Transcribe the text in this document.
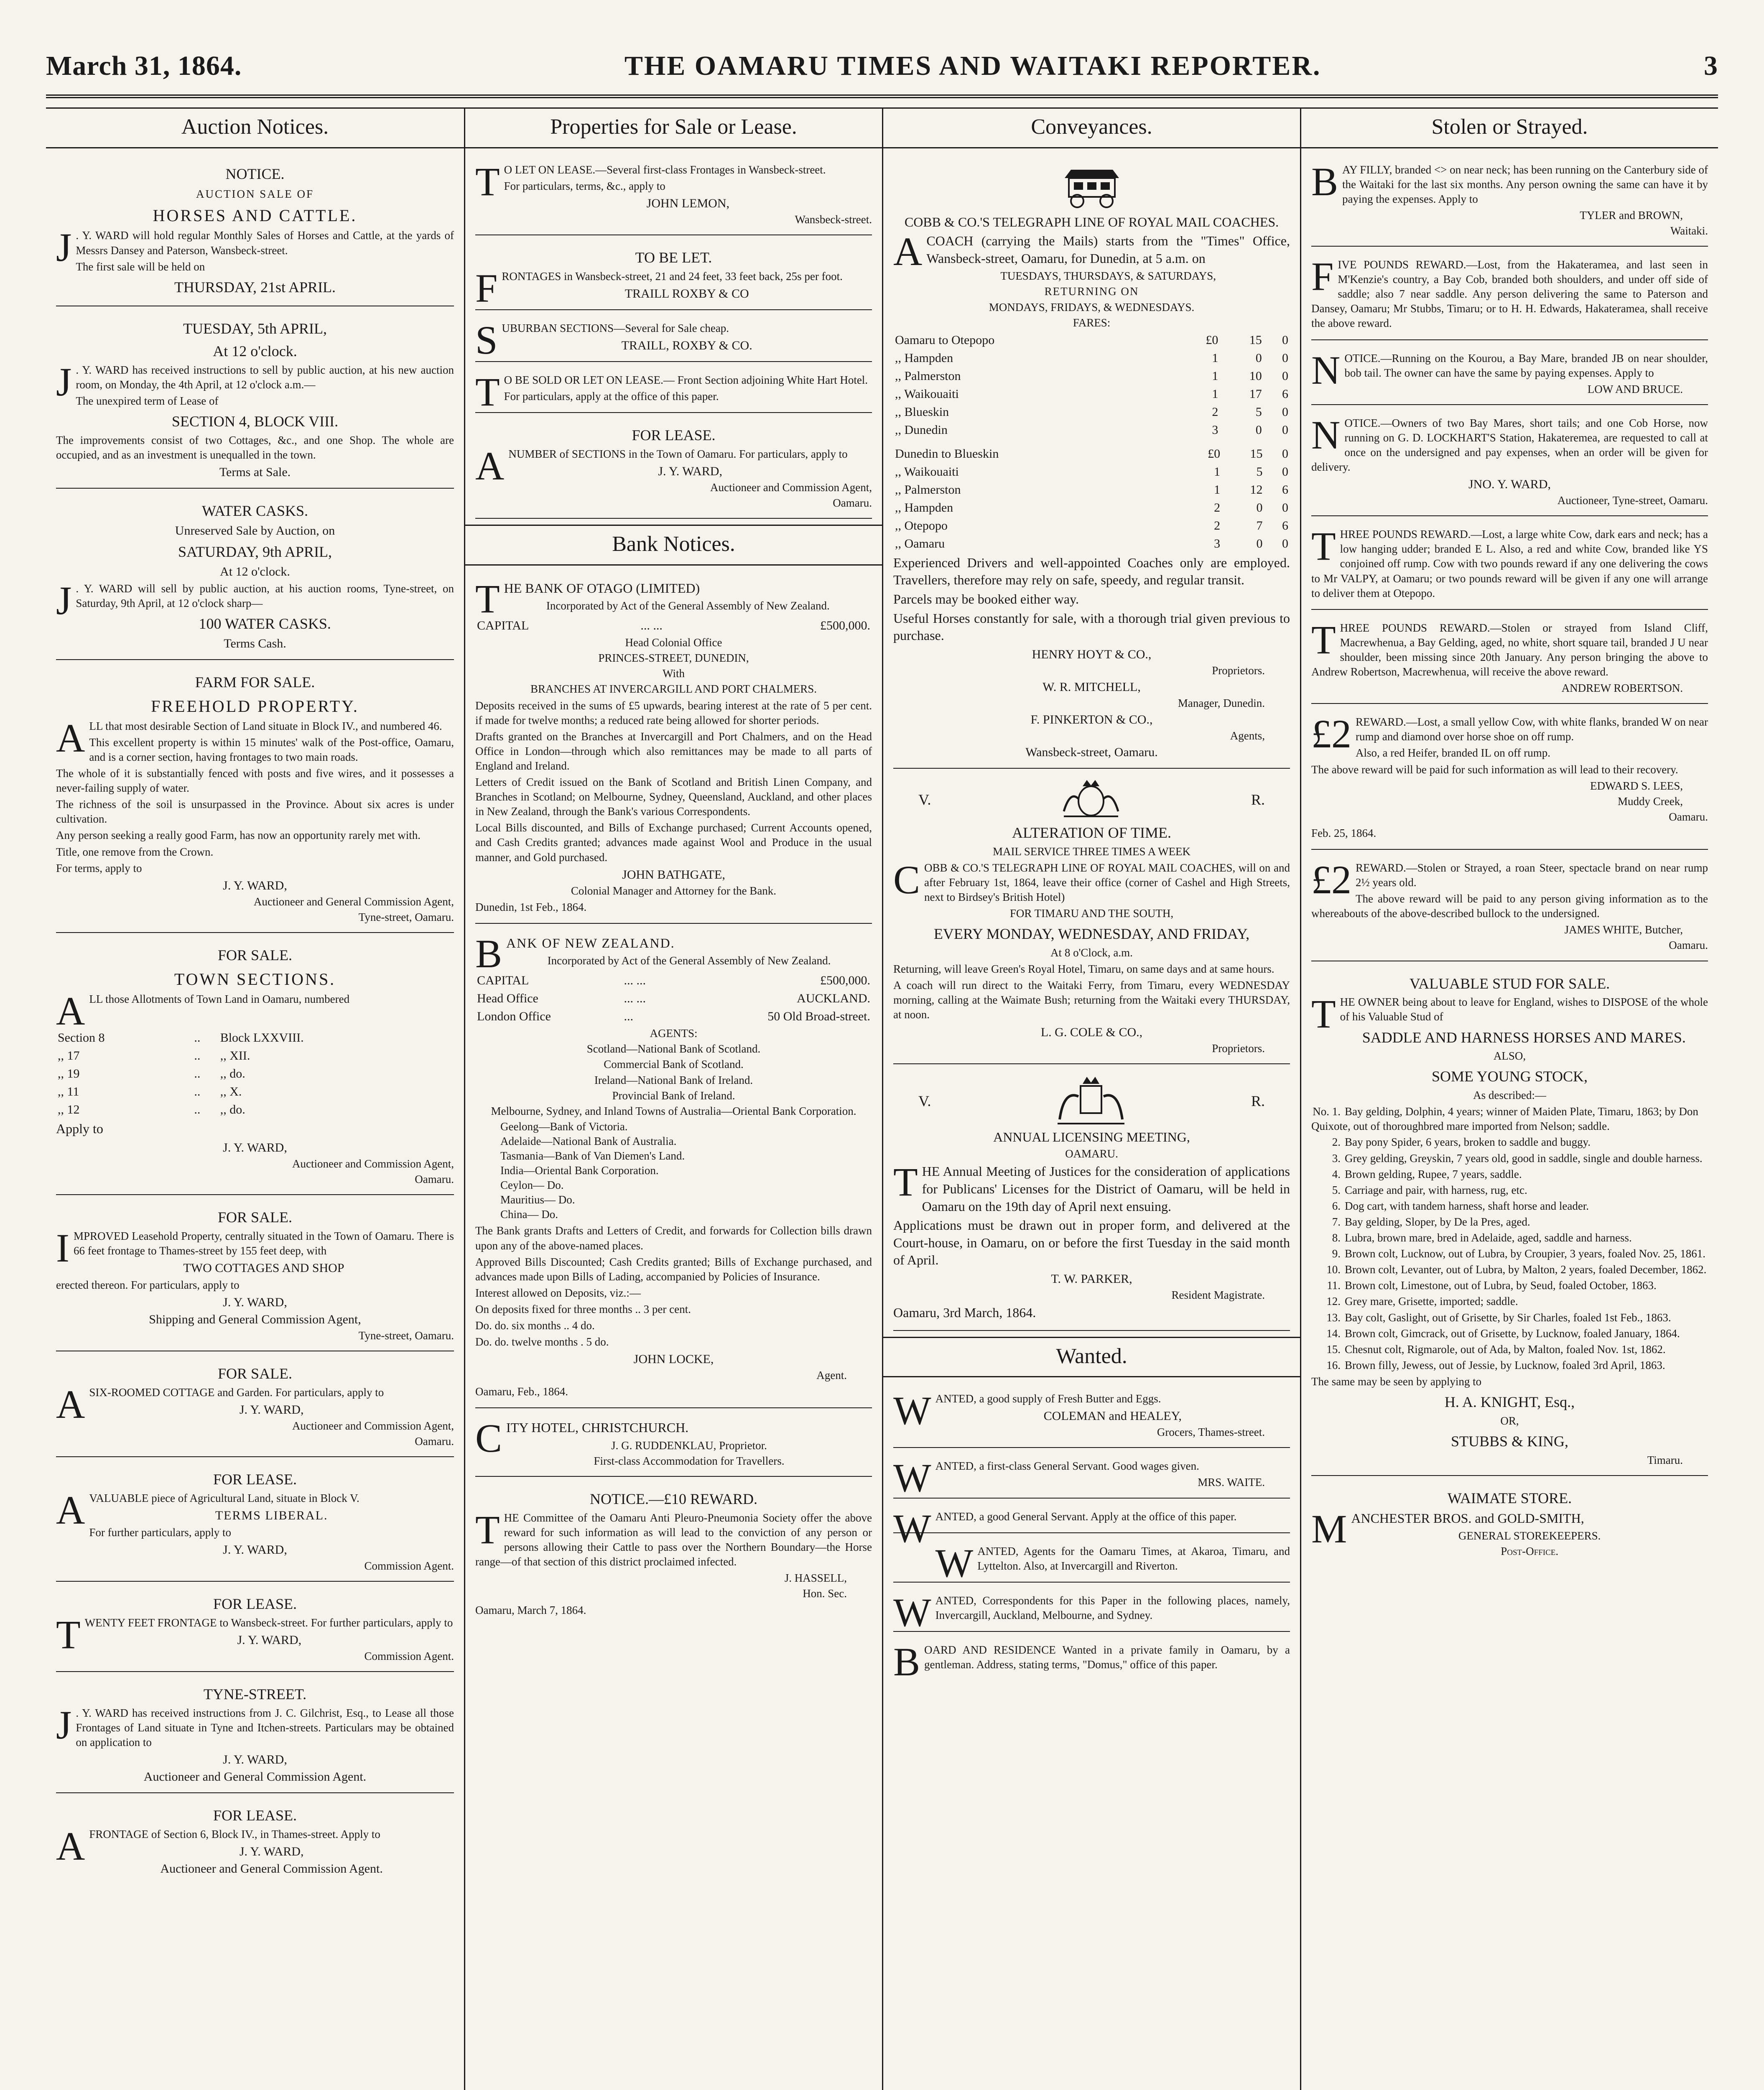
March 31, 1864.	THE OAMARU TIMES AND WAITAKI REPORTER.	3
Auction Notices.
NOTICE.
AUCTION SALE OF
HORSES AND CATTLE.

J . Y. WARD will hold regular Monthly Sales of Horses and Cattle, at the yards of Messrs Dansey and Paterson, Wansbeck-street.

The first sale will be held on
THURSDAY, 21st APRIL.
TUESDAY, 5th APRIL,
At 12 o'clock.

J . Y. WARD has received instructions to sell by public auction, at his new auction room, on Monday, the 4th April, at 12 o'clock a.m.—

The unexpired term of Lease of
SECTION 4, BLOCK VIII.

The improvements consist of two Cottages, &c., and one Shop. The whole are occupied, and as an investment is unequalled in the town.

Terms at Sale.
WATER CASKS.
Unreserved Sale by Auction, on
SATURDAY, 9th APRIL,
At 12 o'clock.

J . Y. WARD will sell by public auction, at his auction rooms, Tyne-street, on Saturday, 9th April, at 12 o'clock sharp—

100 WATER CASKS.
Terms Cash.
FARM FOR SALE.
FREEHOLD PROPERTY.

ALL that most desirable Section of Land situate in Block IV., and numbered 46.

This excellent property is within 15 minutes' walk of the Post-office, Oamaru, and is a corner section, having frontages to two main roads.

The whole of it is substantially fenced with posts and five wires, and it possesses a never-failing supply of water.

The richness of the soil is unsurpassed in the Province. About six acres is under cultivation.

Any person seeking a really good Farm, has now an opportunity rarely met with.

Title, one remove from the Crown.

For terms, apply to

J. Y. WARD,
Auctioneer and General Commission Agent,
Tyne-street, Oamaru.
FOR SALE.
TOWN SECTIONS.

ALL those Allotments of Town Land in Oamaru, numbered

Section 8	..	Block LXXVIII.
,, 17	..	,, XII.
,, 19	..	,, do.
,, 11	..	,, X.
,, 12	..	,, do.
Apply to
J. Y. WARD,
Auctioneer and Commission Agent,
Oamaru.
FOR SALE.

IMPROVED Leasehold Property, centrally situated in the Town of Oamaru. There is 66 feet frontage to Thames-street by 155 feet deep, with

TWO COTTAGES AND SHOP
erected thereon. For particulars, apply to
J. Y. WARD,
Shipping and General Commission Agent,
Tyne-street, Oamaru.
FOR SALE.

ASIX-ROOMED COTTAGE and Garden. For particulars, apply to

J. Y. WARD,
Auctioneer and Commission Agent,
Oamaru.
FOR LEASE.

AVALUABLE piece of Agricultural Land, situate in Block V.

TERMS LIBERAL.
For further particulars, apply to
J. Y. WARD,
Commission Agent.
FOR LEASE.

TWENTY FEET FRONTAGE to Wansbeck-street. For further particulars, apply to

J. Y. WARD,
Commission Agent.
TYNE-STREET.

J . Y. WARD has received instructions from J. C. Gilchrist, Esq., to Lease all those Frontages of Land situate in Tyne and Itchen-streets. Particulars may be obtained on application to

J. Y. WARD,
Auctioneer and General Commission Agent.
FOR LEASE.

AFRONTAGE of Section 6, Block IV., in Thames-street. Apply to

J. Y. WARD,
Auctioneer and General Commission Agent.
Properties for Sale or Lease.

T O LET ON LEASE.—Several first-class Frontages in Wansbeck-street.

For particulars, terms, &c., apply to
JOHN LEMON,
Wansbeck-street.
TO BE LET.

FRONTAGES in Wansbeck-street, 21 and 24 feet, 33 feet back, 25s per foot.

TRAILL ROXBY & CO

SUBURBAN SECTIONS—Several for Sale cheap.

TRAILL, ROXBY & CO.

T O BE SOLD OR LET ON LEASE.— Front Section adjoining White Hart Hotel.

For particulars, apply at the office of this paper.
FOR LEASE.

ANUMBER of SECTIONS in the Town of Oamaru. For particulars, apply to

J. Y. WARD,
Auctioneer and Commission Agent,
Oamaru.
Bank Notices.

THE BANK OF OTAGO (LIMITED)

Incorporated by Act of the General Assembly of New Zealand.
CAPITAL	... ...	£500,000.
Head Colonial Office
PRINCES-STREET, DUNEDIN,
With
BRANCHES AT INVERCARGILL AND PORT CHALMERS.

Deposits received in the sums of £5 upwards, bearing interest at the rate of 5 per cent. if made for twelve months; a reduced rate being allowed for shorter periods.

Drafts granted on the Branches at Invercargill and Port Chalmers, and on the Head Office in London—through which also remittances may be made to all parts of England and Ireland.

Letters of Credit issued on the Bank of Scotland and British Linen Company, and Branches in Scotland; on Melbourne, Sydney, Queensland, Auckland, and other places in New Zealand, through the Bank's various Correspondents.

Local Bills discounted, and Bills of Exchange purchased; Current Accounts opened, and Cash Credits granted; advances made against Wool and Produce in the usual manner, and Gold purchased.

JOHN BATHGATE,
Colonial Manager and Attorney for the Bank.
Dunedin, 1st Feb., 1864.

BANK OF NEW ZEALAND.

Incorporated by Act of the General Assembly of New Zealand.
CAPITAL	... ...	£500,000.
Head Office	... ...	AUCKLAND.
London Office	...	50 Old Broad-street.
AGENTS:
Scotland—National Bank of Scotland.
Commercial Bank of Scotland.
Ireland—National Bank of Ireland.
Provincial Bank of Ireland.
Melbourne, Sydney, and Inland Towns of Australia—Oriental Bank Corporation.
Geelong—Bank of Victoria.
Adelaide—National Bank of Australia.
Tasmania—Bank of Van Diemen's Land.
India—Oriental Bank Corporation.
Ceylon— Do.
Mauritius— Do.
China— Do.

The Bank grants Drafts and Letters of Credit, and forwards for Collection bills drawn upon any of the above-named places.

Approved Bills Discounted; Cash Credits granted; Bills of Exchange purchased, and advances made upon Bills of Lading, accompanied by Policies of Insurance.

Interest allowed on Deposits, viz.:—

On deposits fixed for three months .. 3 per cent.
Do. do. six months .. 4 do.
Do. do. twelve months . 5 do.
JOHN LOCKE,
Agent.
Oamaru, Feb., 1864.

CITY HOTEL, CHRISTCHURCH.

J. G. RUDDENKLAU, Proprietor.
First-class Accommodation for Travellers.
NOTICE.—£10 REWARD.

THE Committee of the Oamaru Anti Pleuro-Pneumonia Society offer the above reward for such information as will lead to the conviction of any person or persons allowing their Cattle to pass over the Northern Boundary—the Horse range—of that section of this district proclaimed infected.

J. HASSELL,
Hon. Sec.
Oamaru, March 7, 1864.
Conveyances.
COBB & CO.'S TELEGRAPH LINE OF ROYAL MAIL COACHES.

ACOACH (carrying the Mails) starts from the "Times" Office, Wansbeck-street, Oamaru, for Dunedin, at 5 a.m. on

TUESDAYS, THURSDAYS, & SATURDAYS,
RETURNING ON
MONDAYS, FRIDAYS, & WEDNESDAYS.
FARES:
Oamaru to Otepopo	£0	15	0
,, Hampden	1	0	0
,, Palmerston	1	10	0
,, Waikouaiti	1	17	6
,, Blueskin	2	5	0
,, Dunedin	3	0	0
Dunedin to Blueskin	£0	15	0
,, Waikouaiti	1	5	0
,, Palmerston	1	12	6
,, Hampden	2	0	0
,, Otepopo	2	7	6
,, Oamaru	3	0	0

Experienced Drivers and well-appointed Coaches only are employed. Travellers, therefore may rely on safe, speedy, and regular transit.

Parcels may be booked either way.

Useful Horses constantly for sale, with a thorough trial given previous to purchase.

HENRY HOYT & CO.,
Proprietors.
W. R. MITCHELL,
Manager, Dunedin.
F. PINKERTON & CO.,
Agents,
Wansbeck-street, Oamaru.
V.	R.
ALTERATION OF TIME.
MAIL SERVICE THREE TIMES A WEEK

COBB & CO.'S TELEGRAPH LINE OF ROYAL MAIL COACHES, will on and after February 1st, 1864, leave their office (corner of Cashel and High Streets, next to Birdsey's British Hotel)

FOR TIMARU AND THE SOUTH,
EVERY MONDAY, WEDNESDAY, AND FRIDAY,
At 8 o'Clock, a.m.

Returning, will leave Green's Royal Hotel, Timaru, on same days and at same hours.

A coach will run direct to the Waitaki Ferry, from Timaru, every WEDNESDAY morning, calling at the Waimate Bush; returning from the Waitaki every THURSDAY, at noon.

L. G. COLE & CO.,
Proprietors.
V.	R.
ANNUAL LICENSING MEETING,
OAMARU.

THE Annual Meeting of Justices for the consideration of applications for Publicans' Licenses for the District of Oamaru, will be held in Oamaru on the 19th day of April next ensuing.

Applications must be drawn out in proper form, and delivered at the Court-house, in Oamaru, on or before the first Tuesday in the said month of April.

T. W. PARKER,
Resident Magistrate.
Oamaru, 3rd March, 1864.
Wanted.

WANTED, a good supply of Fresh Butter and Eggs.

COLEMAN and HEALEY,
Grocers, Thames-street.

WANTED, a first-class General Servant. Good wages given.

MRS. WAITE.

WANTED, a good General Servant. Apply at the office of this paper.

WANTED, Agents for the Oamaru Times, at Akaroa, Timaru, and Lyttelton. Also, at Invercargill and Riverton.

WANTED, Correspondents for this Paper in the following places, namely, Invercargill, Auckland, Melbourne, and Sydney.

BOARD AND RESIDENCE Wanted in a private family in Oamaru, by a gentleman. Address, stating terms, "Domus," office of this paper.

Stolen or Strayed.

BAY FILLY, branded <> on near neck; has been running on the Canterbury side of the Waitaki for the last six months. Any person owning the same can have it by paying the expenses. Apply to

TYLER and BROWN,
Waitaki.

FIVE POUNDS REWARD.—Lost, from the Hakateramea, and last seen in M'Kenzie's country, a Bay Cob, branded both shoulders, and under off side of saddle; also 7 near saddle. Any person delivering the same to Paterson and Dansey, Oamaru; Mr Stubbs, Timaru; or to H. H. Edwards, Hakateramea, shall receive the above reward.

NOTICE.—Running on the Kourou, a Bay Mare, branded JB on near shoulder, bob tail. The owner can have the same by paying expenses. Apply to

LOW AND BRUCE.

NOTICE.—Owners of two Bay Mares, short tails; and one Cob Horse, now running on G. D. LOCKHART'S Station, Hakateremea, are requested to call at once on the undersigned and pay expenses, when an order will be given for delivery.

JNO. Y. WARD,
Auctioneer, Tyne-street, Oamaru.

THREE POUNDS REWARD.—Lost, a large white Cow, dark ears and neck; has a low hanging udder; branded E L. Also, a red and white Cow, branded like YS conjoined off rump. Cow with two pounds reward if any one delivering the cows to Mr VALPY, at Oamaru; or two pounds reward will be given if any one will arrange to deliver them at Otepopo.

THREE POUNDS REWARD.—Stolen or strayed from Island Cliff, Macrewhenua, a Bay Gelding, aged, no white, short square tail, branded J U near shoulder, been missing since 20th January. Any person bringing the above to Andrew Robertson, Macrewhenua, will receive the above reward.

ANDREW ROBERTSON.

£2 REWARD.—Lost, a small yellow Cow, with white flanks, branded W on near rump and diamond over horse shoe on off rump.

Also, a red Heifer, branded IL on off rump.

The above reward will be paid for such information as will lead to their recovery.

EDWARD S. LEES,
Muddy Creek,
Oamaru.
Feb. 25, 1864.

£2 REWARD.—Stolen or Strayed, a roan Steer, spectacle brand on near rump 2½ years old.

The above reward will be paid to any person giving information as to the whereabouts of the above-described bullock to the undersigned.

JAMES WHITE, Butcher,
Oamaru.
VALUABLE STUD FOR SALE.

THE OWNER being about to leave for England, wishes to DISPOSE of the whole of his Valuable Stud of

SADDLE AND HARNESS HORSES AND MARES.
ALSO,
SOME YOUNG STOCK,
As described:—
No. 1. Bay gelding, Dolphin, 4 years; winner of Maiden Plate, Timaru, 1863; by Don Quixote, out of thoroughbred mare imported from Nelson; saddle.
2. Bay pony Spider, 6 years, broken to saddle and buggy.
3. Grey gelding, Greyskin, 7 years old, good in saddle, single and double harness.
4. Brown gelding, Rupee, 7 years, saddle.
5. Carriage and pair, with harness, rug, etc.
6. Dog cart, with tandem harness, shaft horse and leader.
7. Bay gelding, Sloper, by De la Pres, aged.
8. Lubra, brown mare, bred in Adelaide, aged, saddle and harness.
9. Brown colt, Lucknow, out of Lubra, by Croupier, 3 years, foaled Nov. 25, 1861.
10. Brown colt, Levanter, out of Lubra, by Malton, 2 years, foaled December, 1862.
11. Brown colt, Limestone, out of Lubra, by Seud, foaled October, 1863.
12. Grey mare, Grisette, imported; saddle.
13. Bay colt, Gaslight, out of Grisette, by Sir Charles, foaled 1st Feb., 1863.
14. Brown colt, Gimcrack, out of Grisette, by Lucknow, foaled January, 1864.
15. Chesnut colt, Rigmarole, out of Ada, by Malton, foaled Nov. 1st, 1862.
16. Brown filly, Jewess, out of Jessie, by Lucknow, foaled 3rd April, 1863.
The same may be seen by applying to
H. A. KNIGHT, Esq.,
OR,
STUBBS & KING,
Timaru.
WAIMATE STORE.

MANCHESTER BROS. and GOLD-SMITH,

GENERAL STOREKEEPERS.
Post-Office.
